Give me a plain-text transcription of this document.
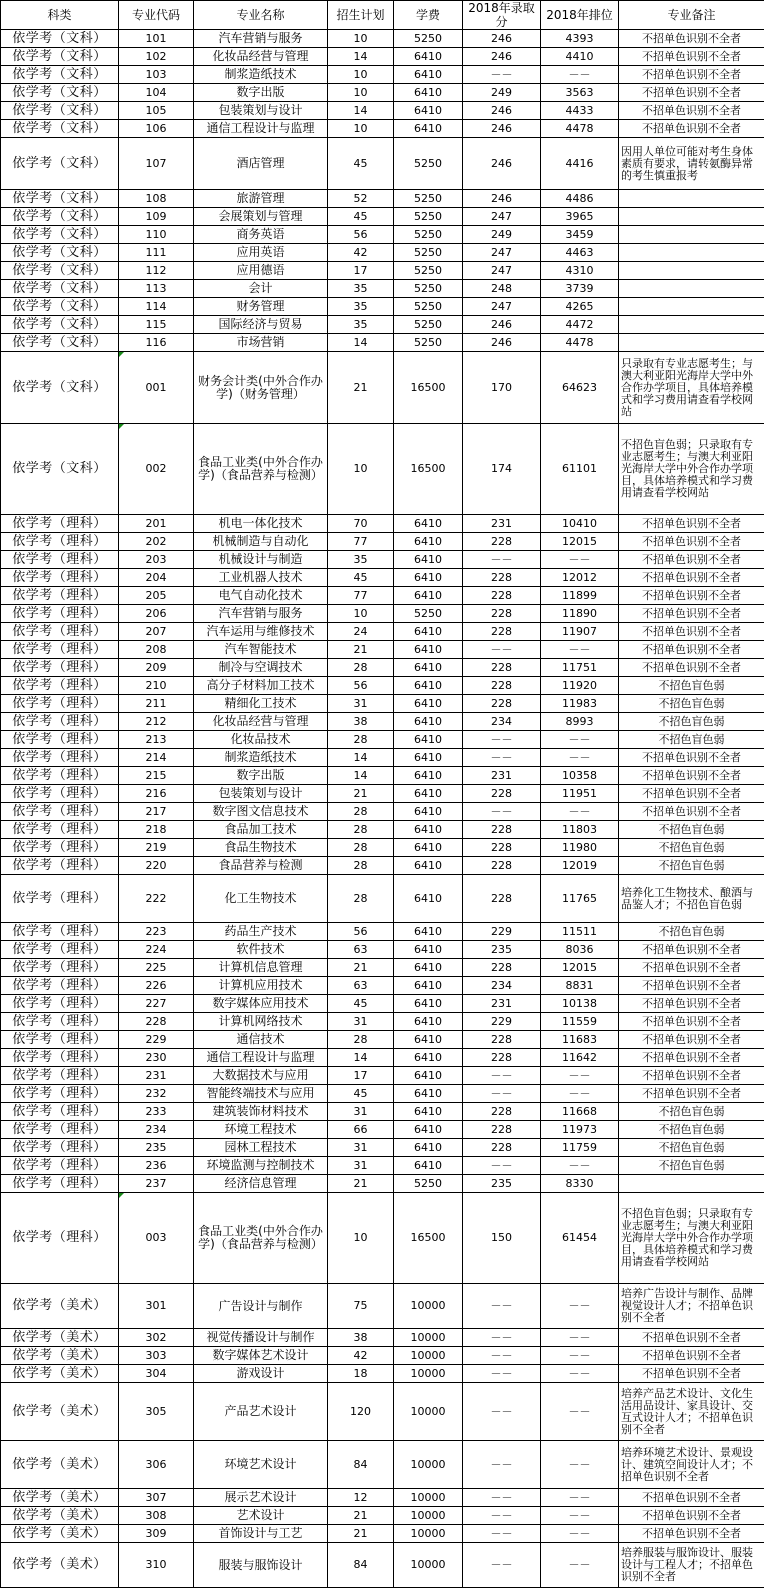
科类	专业代码	专业名称	招生计划	学费	2018年录取分	2018年排位	专业备注
依学考（文科）	101	汽车营销与服务	10	5250	246	4393	不招单色识别不全者
依学考（文科）	102	化妆品经营与管理	14	6410	246	4410	不招单色识别不全者
依学考（文科）	103	制浆造纸技术	10	6410	－－	－－	不招单色识别不全者
依学考（文科）	104	数字出版	10	6410	249	3563	不招单色识别不全者
依学考（文科）	105	包装策划与设计	14	6410	246	4433	不招单色识别不全者
依学考（文科）	106	通信工程设计与监理	10	6410	246	4478	不招单色识别不全者
依学考（文科）	107	酒店管理	45	5250	246	4416	因用人单位可能对考生身体素质有要求，请转氨酶异常的考生慎重报考
依学考（文科）	108	旅游管理	52	5250	246	4486	
依学考（文科）	109	会展策划与管理	45	5250	247	3965	
依学考（文科）	110	商务英语	56	5250	249	3459	
依学考（文科）	111	应用英语	42	5250	247	4463	
依学考（文科）	112	应用德语	17	5250	247	4310	
依学考（文科）	113	会计	35	5250	248	3739	
依学考（文科）	114	财务管理	35	5250	247	4265	
依学考（文科）	115	国际经济与贸易	35	5250	246	4472	
依学考（文科）	116	市场营销	14	5250	246	4478	
依学考（文科）	001	财务会计类(中外合作办学)（财务管理）	21	16500	170	64623	只录取有专业志愿考生；与澳大利亚阳光海岸大学中外合作办学项目，具体培养模式和学习费用请查看学校网站
依学考（文科）	002	食品工业类(中外合作办学)（食品营养与检测）	10	16500	174	61101	不招色盲色弱；只录取有专业志愿考生；与澳大利亚阳光海岸大学中外合作办学项目，具体培养模式和学习费用请查看学校网站
依学考（理科）	201	机电一体化技术	70	6410	231	10410	不招单色识别不全者
依学考（理科）	202	机械制造与自动化	77	6410	228	12015	不招单色识别不全者
依学考（理科）	203	机械设计与制造	35	6410	－－	－－	不招单色识别不全者
依学考（理科）	204	工业机器人技术	45	6410	228	12012	不招单色识别不全者
依学考（理科）	205	电气自动化技术	77	6410	228	11899	不招单色识别不全者
依学考（理科）	206	汽车营销与服务	10	5250	228	11890	不招单色识别不全者
依学考（理科）	207	汽车运用与维修技术	24	6410	228	11907	不招单色识别不全者
依学考（理科）	208	汽车智能技术	21	6410	－－	－－	不招单色识别不全者
依学考（理科）	209	制冷与空调技术	28	6410	228	11751	不招单色识别不全者
依学考（理科）	210	高分子材料加工技术	56	6410	228	11920	不招色盲色弱
依学考（理科）	211	精细化工技术	31	6410	228	11983	不招色盲色弱
依学考（理科）	212	化妆品经营与管理	38	6410	234	8993	不招色盲色弱
依学考（理科）	213	化妆品技术	28	6410	－－	－－	不招色盲色弱
依学考（理科）	214	制浆造纸技术	14	6410	－－	－－	不招单色识别不全者
依学考（理科）	215	数字出版	14	6410	231	10358	不招单色识别不全者
依学考（理科）	216	包装策划与设计	21	6410	228	11951	不招单色识别不全者
依学考（理科）	217	数字图文信息技术	28	6410	－－	－－	不招单色识别不全者
依学考（理科）	218	食品加工技术	28	6410	228	11803	不招色盲色弱
依学考（理科）	219	食品生物技术	28	6410	228	11980	不招色盲色弱
依学考（理科）	220	食品营养与检测	28	6410	228	12019	不招色盲色弱
依学考（理科）	222	化工生物技术	28	6410	228	11765	培养化工生物技术、酿酒与品鉴人才；不招色盲色弱
依学考（理科）	223	药品生产技术	56	6410	229	11511	不招色盲色弱
依学考（理科）	224	软件技术	63	6410	235	8036	不招单色识别不全者
依学考（理科）	225	计算机信息管理	21	6410	228	12015	不招单色识别不全者
依学考（理科）	226	计算机应用技术	63	6410	234	8831	不招单色识别不全者
依学考（理科）	227	数字媒体应用技术	45	6410	231	10138	不招单色识别不全者
依学考（理科）	228	计算机网络技术	31	6410	229	11559	不招单色识别不全者
依学考（理科）	229	通信技术	28	6410	228	11683	不招单色识别不全者
依学考（理科）	230	通信工程设计与监理	14	6410	228	11642	不招单色识别不全者
依学考（理科）	231	大数据技术与应用	17	6410	－－	－－	不招单色识别不全者
依学考（理科）	232	智能终端技术与应用	45	6410	－－	－－	不招单色识别不全者
依学考（理科）	233	建筑装饰材料技术	31	6410	228	11668	不招色盲色弱
依学考（理科）	234	环境工程技术	66	6410	228	11973	不招色盲色弱
依学考（理科）	235	园林工程技术	31	6410	228	11759	不招色盲色弱
依学考（理科）	236	环境监测与控制技术	31	6410	－－	－－	不招色盲色弱
依学考（理科）	237	经济信息管理	21	5250	235	8330	
依学考（理科）	003	食品工业类(中外合作办学)（食品营养与检测）	10	16500	150	61454	不招色盲色弱；只录取有专业志愿考生；与澳大利亚阳光海岸大学中外合作办学项目，具体培养模式和学习费用请查看学校网站
依学考（美术）	301	广告设计与制作	75	10000	－－	－－	培养广告设计与制作、品牌视觉设计人才；不招单色识别不全者
依学考（美术）	302	视觉传播设计与制作	38	10000	－－	－－	不招单色识别不全者
依学考（美术）	303	数字媒体艺术设计	42	10000	－－	－－	不招单色识别不全者
依学考（美术）	304	游戏设计	18	10000	－－	－－	不招单色识别不全者
依学考（美术）	305	产品艺术设计	120	10000	－－	－－	培养产品艺术设计、文化生活用品设计、家具设计、交互式设计人才；不招单色识别不全者
依学考（美术）	306	环境艺术设计	84	10000	－－	－－	培养环境艺术设计、景观设计、建筑空间设计人才；不招单色识别不全者
依学考（美术）	307	展示艺术设计	12	10000	－－	－－	不招单色识别不全者
依学考（美术）	308	艺术设计	21	10000	－－	－－	不招单色识别不全者
依学考（美术）	309	首饰设计与工艺	21	10000	－－	－－	不招单色识别不全者
依学考（美术）	310	服装与服饰设计	84	10000	－－	－－	培养服装与服饰设计、服装设计与工程人才；不招单色识别不全者
